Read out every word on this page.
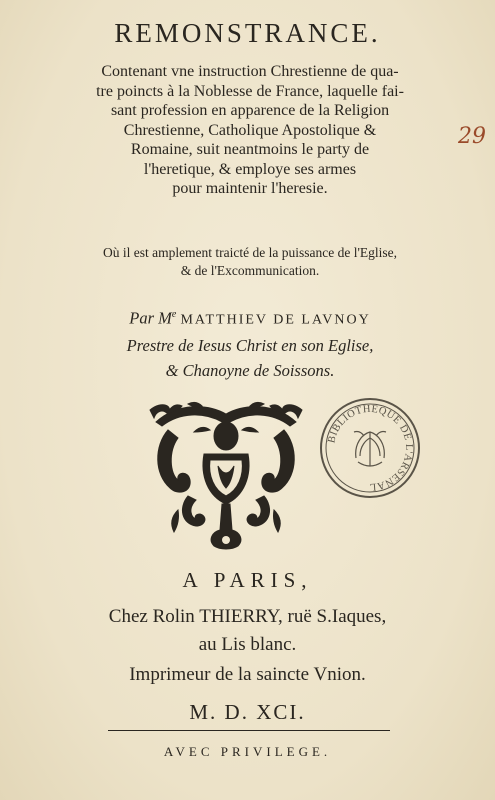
REMONSTRANCE.
Contenant vne instruction Chrestienne de qua-
tre poincts à la Noblesse de France, laquelle fai-
sant profession en apparence de la Religion
Chrestienne, Catholique Apostolique &
Romaine, suit neantmoins le party de
l'heretique, & employe ses armes
pour maintenir l'heresie.
29
Où il est amplement traicté de la puissance de l'Eglise,
& de l'Excommunication.
Par Me MATTHIEV DE LAVNOY
Prestre de Iesus Christ en son Eglise,
& Chanoyne de Soissons.
BIBLIOTHEQUE DE L'ARSENAL
A PARIS,
Chez Rolin THIERRY, ruë S.Iaques,
au Lis blanc.
Imprimeur de la saincte Vnion.
M. D. XCI.
AVEC PRIVILEGE.
